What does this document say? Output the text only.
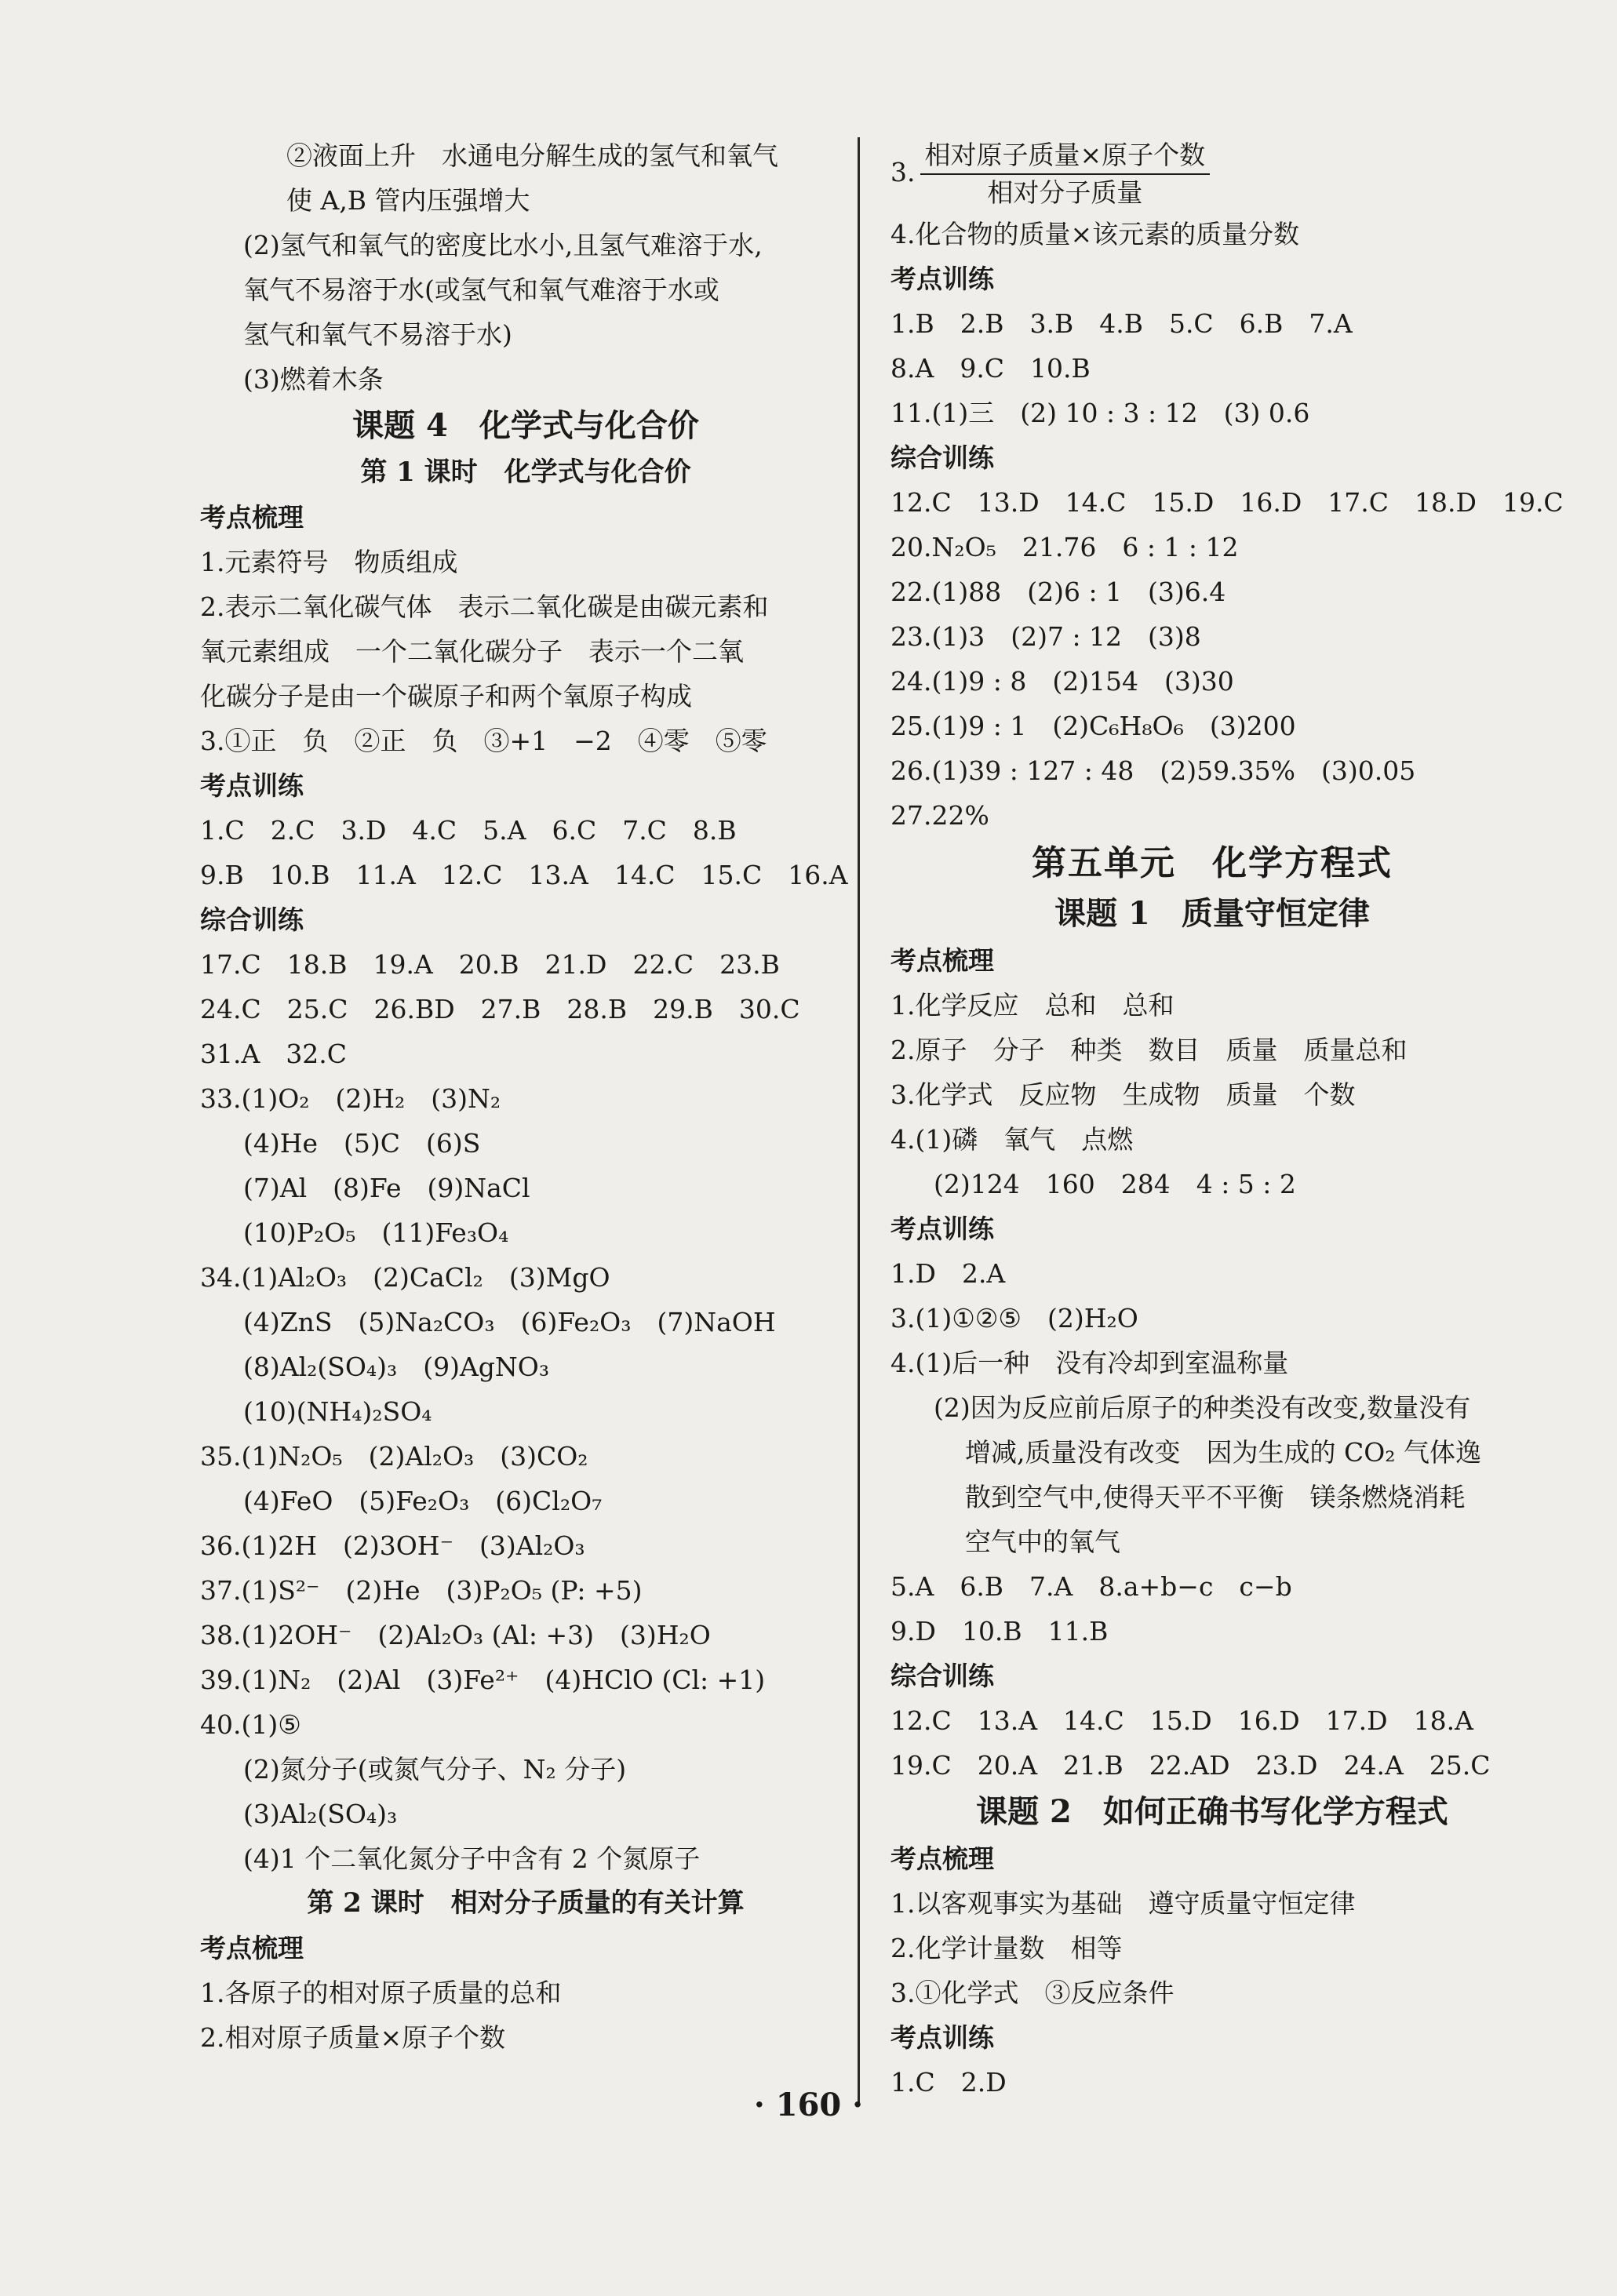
②液面上升　水通电分解生成的氢气和氧气
使 A,B 管内压强增大
(2)氢气和氧气的密度比水小,且氢气难溶于水,
氧气不易溶于水(或氢气和氧气难溶于水或
氢气和氧气不易溶于水)
(3)燃着木条
课题 4　化学式与化合价
第 1 课时　化学式与化合价
考点梳理
1.元素符号　物质组成
2.表示二氧化碳气体　表示二氧化碳是由碳元素和
氧元素组成　一个二氧化碳分子　表示一个二氧
化碳分子是由一个碳原子和两个氧原子构成
3.①正　负　②正　负　③+1　−2　④零　⑤零
考点训练
1.C　2.C　3.D　4.C　5.A　6.C　7.C　8.B
9.B　10.B　11.A　12.C　13.A　14.C　15.C　16.A
综合训练
17.C　18.B　19.A　20.B　21.D　22.C　23.B
24.C　25.C　26.BD　27.B　28.B　29.B　30.C
31.A　32.C
33.(1)O₂　(2)H₂　(3)N₂
(4)He　(5)C　(6)S
(7)Al　(8)Fe　(9)NaCl
(10)P₂O₅　(11)Fe₃O₄
34.(1)Al₂O₃　(2)CaCl₂　(3)MgO
(4)ZnS　(5)Na₂CO₃　(6)Fe₂O₃　(7)NaOH
(8)Al₂(SO₄)₃　(9)AgNO₃
(10)(NH₄)₂SO₄
35.(1)N₂O₅　(2)Al₂O₃　(3)CO₂
(4)FeO　(5)Fe₂O₃　(6)Cl₂O₇
36.(1)2H　(2)3OH⁻　(3)Al₂O₃
37.(1)S²⁻　(2)He　(3)P₂O₅ (P: +5)
38.(1)2OH⁻　(2)Al₂O₃ (Al: +3)　(3)H₂O
39.(1)N₂　(2)Al　(3)Fe²⁺　(4)HClO (Cl: +1)
40.(1)⑤
(2)氮分子(或氮气分子、N₂ 分子)
(3)Al₂(SO₄)₃
(4)1 个二氧化氮分子中含有 2 个氮原子
第 2 课时　相对分子质量的有关计算
考点梳理
1.各原子的相对原子质量的总和
2.相对原子质量×原子个数
3. $\frac{\text{相对原子质量×原子个数}}{\text{相对分子质量}}$
4.化合物的质量×该元素的质量分数
考点训练
1.B　2.B　3.B　4.B　5.C　6.B　7.A
8.A　9.C　10.B
11.(1)三　(2) 10 : 3 : 12　(3) 0.6
综合训练
12.C　13.D　14.C　15.D　16.D　17.C　18.D　19.C
20.N₂O₅　21.76　6 : 1 : 12
22.(1)88　(2)6 : 1　(3)6.4
23.(1)3　(2)7 : 12　(3)8
24.(1)9 : 8　(2)154　(3)30
25.(1)9 : 1　(2)C₆H₈O₆　(3)200
26.(1)39 : 127 : 48　(2)59.35%　(3)0.05
27.22%
第五单元　化学方程式
课题 1　质量守恒定律
考点梳理
1.化学反应　总和　总和
2.原子　分子　种类　数目　质量　质量总和
3.化学式　反应物　生成物　质量　个数
4.(1)磷　氧气　点燃
(2)124　160　284　4 : 5 : 2
考点训练
1.D　2.A
3.(1)①②⑤　(2)H₂O
4.(1)后一种　没有冷却到室温称量
(2)因为反应前后原子的种类没有改变,数量没有
增减,质量没有改变　因为生成的 CO₂ 气体逸
散到空气中,使得天平不平衡　镁条燃烧消耗
空气中的氧气
5.A　6.B　7.A　8.a+b−c　c−b
9.D　10.B　11.B
综合训练
12.C　13.A　14.C　15.D　16.D　17.D　18.A
19.C　20.A　21.B　22.AD　23.D　24.A　25.C
课题 2　如何正确书写化学方程式
考点梳理
1.以客观事实为基础　遵守质量守恒定律
2.化学计量数　相等
3.①化学式　③反应条件
考点训练
1.C　2.D
· 160 ·
